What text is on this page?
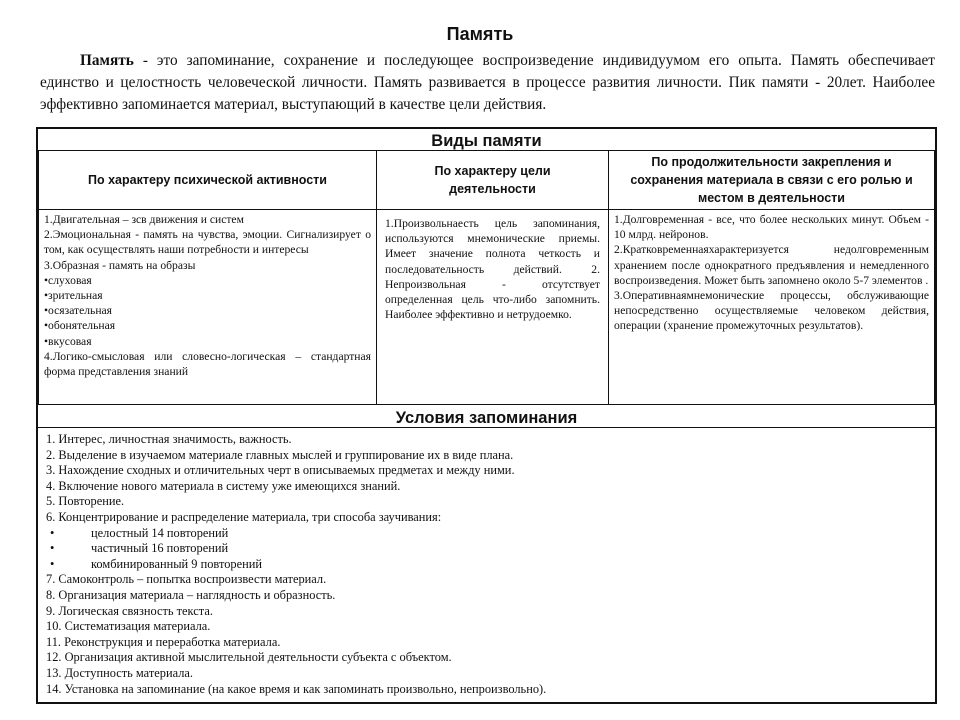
Память

Память - это запоминание, сохранение и последующее воспроизведение индивидуумом его опыта. Память обеспечивает единство и целостность человеческой личности. Память развивается в процессе развития личности. Пик памяти - 20лет. Наиболее эффективно запоминается материал, выступающий в качестве цели действия.

Виды памяти
По характеру психической активности
По характеру цели деятельности
По продолжительности закрепления и сохранения материала в связи с его ролью и местом в деятельности
1.Двигательная – зсв движения и систем
2.Эмоциональная - память на чувства, эмоции. Сигнализирует о том, как осуществлять наши потребности и интересы
3.Образная - память на образы
•слуховая
•зрительная
•осязательная
•обонятельная
•вкусовая
4.Логико-смысловая или словесно-логическая – стандартная форма представления знаний
1.Произвольнаесть цель запоминания, используются мнемонические приемы. Имеет значение полнота четкость и последовательность действий. 2. Непроизвольная - отсутствует определенная цель что-либо запомнить. Наиболее эффективно и нетрудоемко.
1.Долговременная - все, что более нескольких минут. Объем - 10 млрд. нейронов.
2.Кратковременнаяхарактеризуется недолговременным хранением после однократного предъявления и немедленного воспроизведения. Может быть запомнено около 5-7 элементов .
3.Оперативнаямнемонические процессы, обслуживающие непосредственно осуществляемые человеком действия, операции (хранение промежуточных результатов).
Условия запоминания
1. Интерес, личностная значимость, важность.
2. Выделение в изучаемом материале главных мыслей и группирование их в виде плана.
3. Нахождение сходных и отличительных черт в описываемых предметах и между ними.
4. Включение нового материала в систему уже имеющихся знаний.
5. Повторение.
6. Концентрирование и распределение материала, три способа заучивания:
• целостный 14 повторений
• частичный 16 повторений
• комбинированный 9 повторений
7. Самоконтроль – попытка воспроизвести материал.
8. Организация материала – наглядность и образность.
9. Логическая связность текста.
10. Систематизация материала.
11. Реконструкция и переработка материала.
12. Организация активной мыслительной деятельности субъекта с объектом.
13. Доступность материала.
14. Установка на запоминание (на какое время и как запоминать произвольно, непроизвольно).
